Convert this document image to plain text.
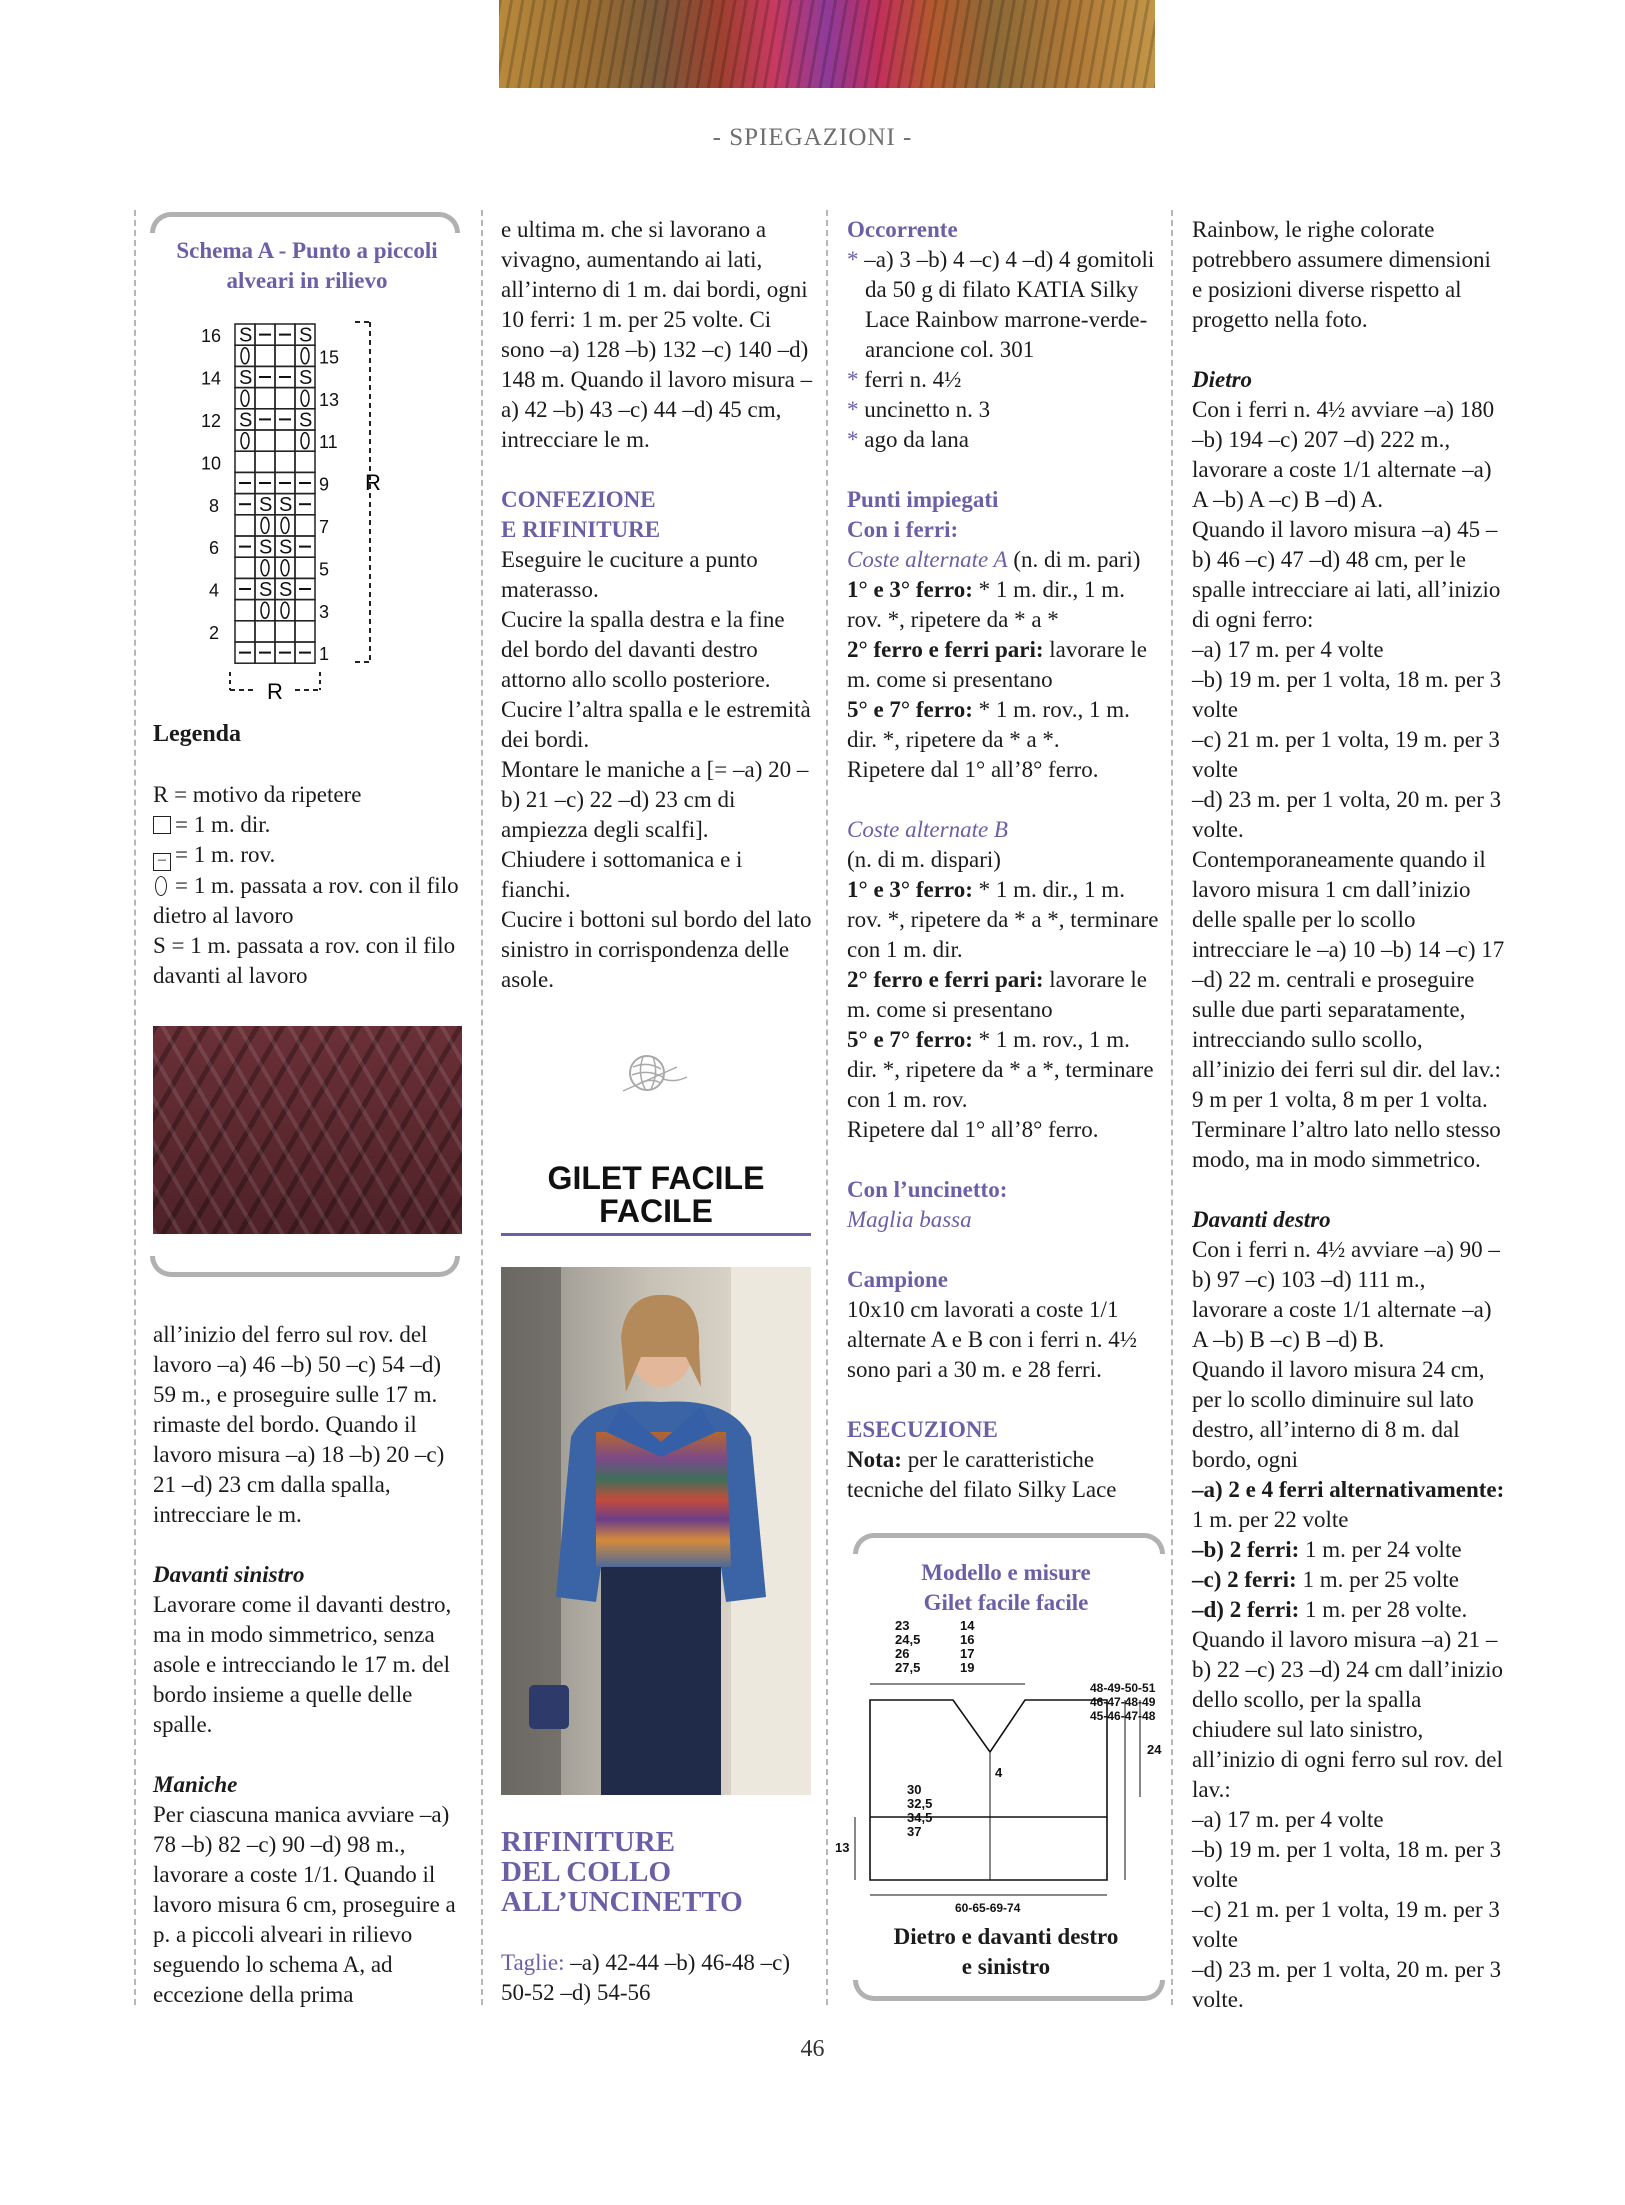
- SPIEGAZIONI -
Schema A - Punto a piccoli
alveari in rilievo
S S
S S
S S
S S
S S
S S
15
13
11
9
7
5
3
1
16
14
12
10
8
6
4
2
R
R
Legenda

R = motivo da ripetere

= 1 m. dir.

– = 1 m. rov.

= 1 m. passata a rov. con il filo dietro al lavoro

S = 1 m. passata a rov. con il filo davanti al lavoro

all’inizio del ferro sul rov. del lavoro –a) 46 –b) 50 –c) 54 –d) 59 m., e proseguire sulle 17 m. rimaste del bordo. Quando il lavoro misura –a) 18 –b) 20 –c) 21 –d) 23 cm dalla spalla, intrecciare le m.

Davanti sinistro

Lavorare come il davanti destro, ma in modo simmetrico, senza asole e intrecciando le 17 m. del bordo insieme a quelle delle spalle.

Maniche

Per ciascuna manica avviare –a) 78 –b) 82 –c) 90 –d) 98 m., lavorare a coste 1/1. Quando il lavoro misura 6 cm, proseguire a p. a piccoli alveari in rilievo seguendo lo schema A, ad eccezione della prima

e ultima m. che si lavorano a vivagno, aumentando ai lati, all’interno di 1 m. dai bordi, ogni 10 ferri: 1 m. per 25 volte. Ci sono –a) 128 –b) 132 –c) 140 –d) 148 m. Quando il lavoro misura –a) 42 –b) 43 –c) 44 –d) 45 cm, intrecciare le m.

CONFEZIONE

E RIFINITURE

Eseguire le cuciture a punto materasso.

Cucire la spalla destra e la fine del bordo del davanti destro attorno allo scollo posteriore.

Cucire l’altra spalla e le estremità dei bordi.

Montare le maniche a [= –a) 20 –b) 21 –c) 22 –d) 23 cm di ampiezza degli scalfi].

Chiudere i sottomanica e i fianchi.

Cucire i bottoni sul bordo del lato sinistro in corrispondenza delle asole.

GILET FACILE
FACILE
RIFINITURE
DEL COLLO
ALL’UNCINETTO

Taglie: –a) 42-44 –b) 46-48 –c) 50-52 –d) 54-56

Occorrente

* –a) 3 –b) 4 –c) 4 –d) 4 gomitoli da 50 g di filato KATIA Silky Lace Rainbow marrone-verde-arancione col. 301

* ferri n. 4½

* uncinetto n. 3

* ago da lana

Punti impiegati

Con i ferri:

Coste alternate A (n. di m. pari)

1° e 3° ferro: * 1 m. dir., 1 m. rov. *, ripetere da * a *

2° ferro e ferri pari: lavorare le m. come si presentano

5° e 7° ferro: * 1 m. rov., 1 m. dir. *, ripetere da * a *.

Ripetere dal 1° all’8° ferro.

Coste alternate B

(n. di m. dispari)

1° e 3° ferro: * 1 m. dir., 1 m. rov. *, ripetere da * a *, terminare con 1 m. dir.

2° ferro e ferri pari: lavorare le m. come si presentano

5° e 7° ferro: * 1 m. rov., 1 m. dir. *, ripetere da * a *, terminare con 1 m. rov.

Ripetere dal 1° all’8° ferro.

Con l’uncinetto:

Maglia bassa

Campione

10x10 cm lavorati a coste 1/1 alternate A e B con i ferri n. 4½ sono pari a 30 m. e 28 ferri.

ESECUZIONE

Nota: per le caratteristiche tecniche del filato Silky Lace

Modello e misure
Gilet facile facile
23
24,5
26
27,5
14
16
17
19
48-49-50-51
46-47-48-49
45-46-47-48
24
13
4
30
32,5
34,5
37
60-65-69-74
Dietro e davanti destro
e sinistro

Rainbow, le righe colorate potrebbero assumere dimensioni e posizioni diverse rispetto al progetto nella foto.

Dietro

Con i ferri n. 4½ avviare –a) 180 –b) 194 –c) 207 –d) 222 m., lavorare a coste 1/1 alternate –a) A –b) A –c) B –d) A.

Quando il lavoro misura –a) 45 –b) 46 –c) 47 –d) 48 cm, per le spalle intrecciare ai lati, all’inizio di ogni ferro:

–a) 17 m. per 4 volte

–b) 19 m. per 1 volta, 18 m. per 3 volte

–c) 21 m. per 1 volta, 19 m. per 3 volte

–d) 23 m. per 1 volta, 20 m. per 3 volte.

Contemporaneamente quando il lavoro misura 1 cm dall’inizio delle spalle per lo scollo intrecciare le –a) 10 –b) 14 –c) 17 –d) 22 m. centrali e proseguire sulle due parti separatamente, intrecciando sullo scollo, all’inizio dei ferri sul dir. del lav.: 9 m per 1 volta, 8 m per 1 volta.

Terminare l’altro lato nello stesso modo, ma in modo simmetrico.

Davanti destro

Con i ferri n. 4½ avviare –a) 90 –b) 97 –c) 103 –d) 111 m., lavorare a coste 1/1 alternate –a) A –b) B –c) B –d) B.

Quando il lavoro misura 24 cm, per lo scollo diminuire sul lato destro, all’interno di 8 m. dal bordo, ogni

–a) 2 e 4 ferri alternativamente: 1 m. per 22 volte

–b) 2 ferri: 1 m. per 24 volte

–c) 2 ferri: 1 m. per 25 volte

–d) 2 ferri: 1 m. per 28 volte.

Quando il lavoro misura –a) 21 –b) 22 –c) 23 –d) 24 cm dall’inizio dello scollo, per la spalla chiudere sul lato sinistro, all’inizio di ogni ferro sul rov. del lav.:

–a) 17 m. per 4 volte

–b) 19 m. per 1 volta, 18 m. per 3 volte

–c) 21 m. per 1 volta, 19 m. per 3 volte

–d) 23 m. per 1 volta, 20 m. per 3 volte.

46
